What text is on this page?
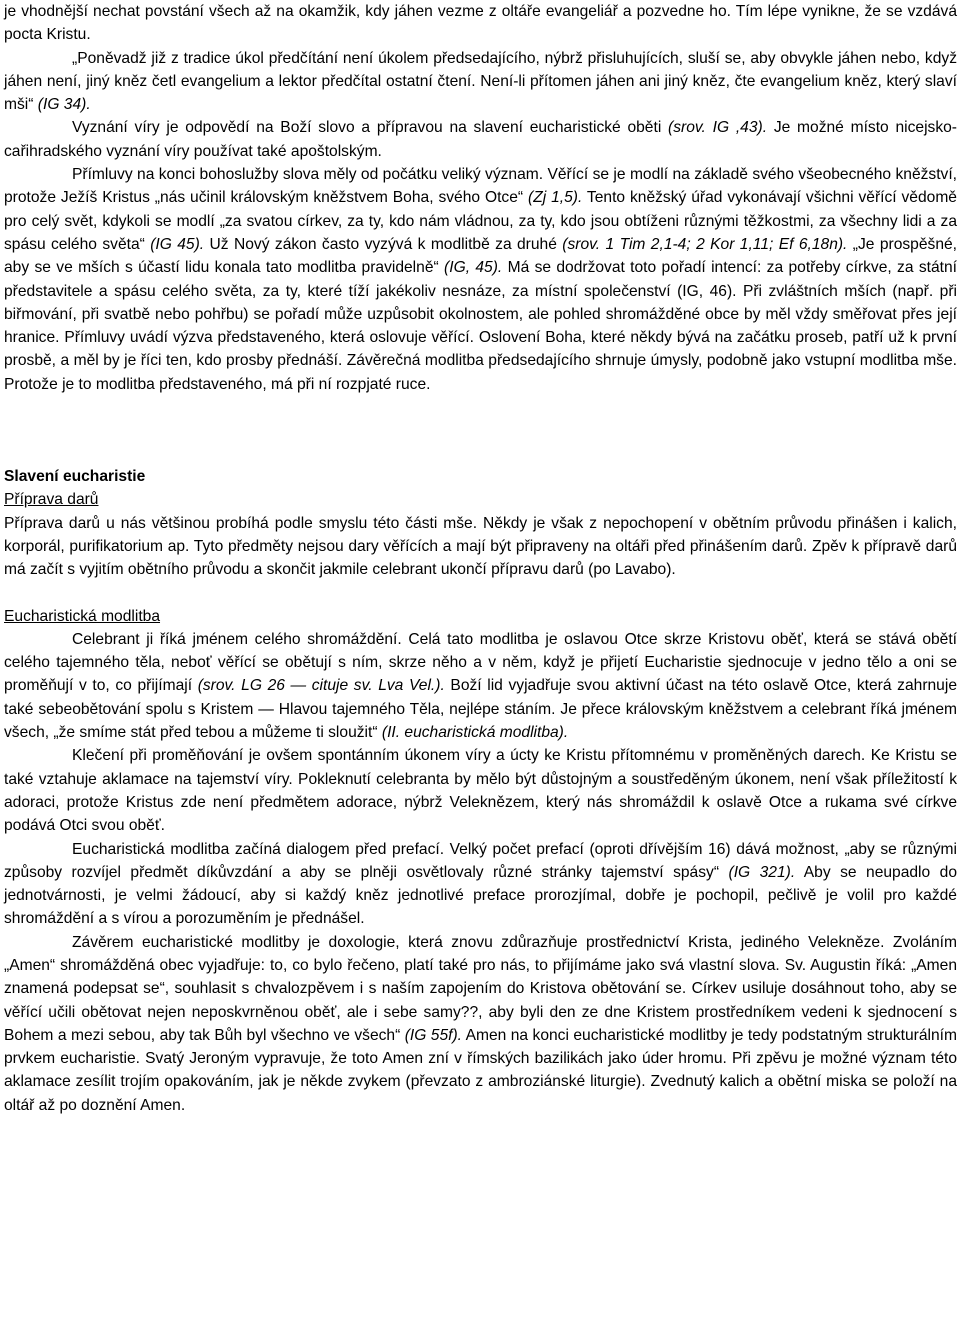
je vhodnější nechat povstání všech až na okamžik, kdy jáhen vezme z oltáře evangeliář a pozvedne ho. Tím lépe vynikne, že se vzdává pocta Kristu.

„Poněvadž již z tradice úkol předčítání není úkolem předsedajícího, nýbrž přisluhujících, sluší se, aby obvykle jáhen nebo, když jáhen není, jiný kněz četl evangelium a lektor předčítal ostatní čtení. Není-li přítomen jáhen ani jiný kněz, čte evangelium kněz, který slaví mši“ (IG 34).

Vyznání víry je odpovědí na Boží slovo a přípravou na slavení eucharistické oběti (srov. IG ,43). Je možné místo nicejsko-cařihradského vyznání víry používat také apoštolským.

Přímluvy na konci bohoslužby slova měly od počátku veliký význam. Věřící se je modlí na základě svého všeobecného kněžství, protože Ježíš Kristus „nás učinil královským kněžstvem Boha, svého Otce“ (Zj 1,5). Tento kněžský úřad vykonávají všichni věřící vědomě pro celý svět, kdykoli se modlí „za svatou církev, za ty, kdo nám vládnou, za ty, kdo jsou obtíženi různými těžkostmi, za všechny lidi a za spásu celého světa“ (IG 45). Už Nový zákon často vyzývá k modlitbě za druhé (srov. 1 Tim 2,1-4; 2 Kor 1,11; Ef 6,18n). „Je prospěšné, aby se ve mších s účastí lidu konala tato modlitba pravidelně“ (IG, 45). Má se dodržovat toto pořadí intencí: za potřeby církve, za státní představitele a spásu celého světa, za ty, které tíží jakékoliv nesnáze, za místní společenství (IG, 46). Při zvláštních mších (např. při biřmování, při svatbě nebo pohřbu) se pořadí může uzpůsobit okolnostem, ale pohled shromážděné obce by měl vždy směřovat přes její hranice. Přímluvy uvádí výzva představeného, která oslovuje věřící. Oslovení Boha, které někdy bývá na začátku proseb, patří už k první prosbě, a měl by je říci ten, kdo prosby přednáší. Závěrečná modlitba předsedajícího shrnuje úmysly, podobně jako vstupní modlitba mše. Protože je to modlitba představeného, má při ní rozpjaté ruce.

Slavení eucharistie

Příprava darů

Příprava darů u nás většinou probíhá podle smyslu této části mše. Někdy je však z nepochopení v obětním průvodu přinášen i kalich, korporál, purifikatorium ap. Tyto předměty nejsou dary věřících a mají být připraveny na oltáři před přinášením darů. Zpěv k přípravě darů má začít s vyjitím obětního průvodu a skončit jakmile celebrant ukončí přípravu darů (po Lavabo).

Eucharistická modlitba

Celebrant ji říká jménem celého shromáždění. Celá tato modlitba je oslavou Otce skrze Kristovu oběť, která se stává obětí celého tajemného těla, neboť věřící se obětují s ním, skrze něho a v něm, když je přijetí Eucharistie sjednocuje v jedno tělo a oni se proměňují v to, co přijímají (srov. LG 26 — cituje sv. Lva Vel.). Boží lid vyjadřuje svou aktivní účast na této oslavě Otce, která zahrnuje také sebeobětování spolu s Kristem — Hlavou tajemného Těla, nejlépe stáním. Je přece královským kněžstvem a celebrant říká jménem všech, „že smíme stát před tebou a můžeme ti sloužit“ (II. eucharistická modlitba).

Klečení při proměňování je ovšem spontánním úkonem víry a úcty ke Kristu přítomnému v proměněných darech. Ke Kristu se také vztahuje aklamace na tajemství víry. Pokleknutí celebranta by mělo být důstojným a soustředěným úkonem, není však příležitostí k adoraci, protože Kristus zde není předmětem adorace, nýbrž Veleknězem, který nás shromáždil k oslavě Otce a rukama své církve podává Otci svou oběť.

Eucharistická modlitba začíná dialogem před prefací. Velký počet prefací (oproti dřívějším 16) dává možnost, „aby se různými způsoby rozvíjel předmět díkůvzdání a aby se plněji osvětlovaly různé stránky tajemství spásy“ (IG 321). Aby se neupadlo do jednotvárnosti, je velmi žádoucí, aby si každý kněz jednotlivé preface prorozjímal, dobře je pochopil, pečlivě je volil pro každé shromáždění a s vírou a porozuměním je přednášel.

Závěrem eucharistické modlitby je doxologie, která znovu zdůrazňuje prostřednictví Krista, jediného Velekněze. Zvoláním „Amen“ shromážděná obec vyjadřuje: to, co bylo řečeno, platí také pro nás, to přijímáme jako svá vlastní slova. Sv. Augustin říká: „Amen znamená podepsat se“, souhlasit s chvalozpěvem i s naším zapojením do Kristova obětování se. Církev usiluje dosáhnout toho, aby se věřící učili obětovat nejen neposkvrněnou oběť, ale i sebe samy??, aby byli den ze dne Kristem prostředníkem vedeni k sjednocení s Bohem a mezi sebou, aby tak Bůh byl všechno ve všech“ (IG 55f). Amen na konci eucharistické modlitby je tedy podstatným strukturálním prvkem eucharistie. Svatý Jeroným vypravuje, že toto Amen zní v římských bazilikách jako úder hromu. Při zpěvu je možné význam této aklamace zesílit trojím opakováním, jak je někde zvykem (převzato z ambroziánské liturgie). Zvednutý kalich a obětní miska se položí na oltář až po doznění Amen.
